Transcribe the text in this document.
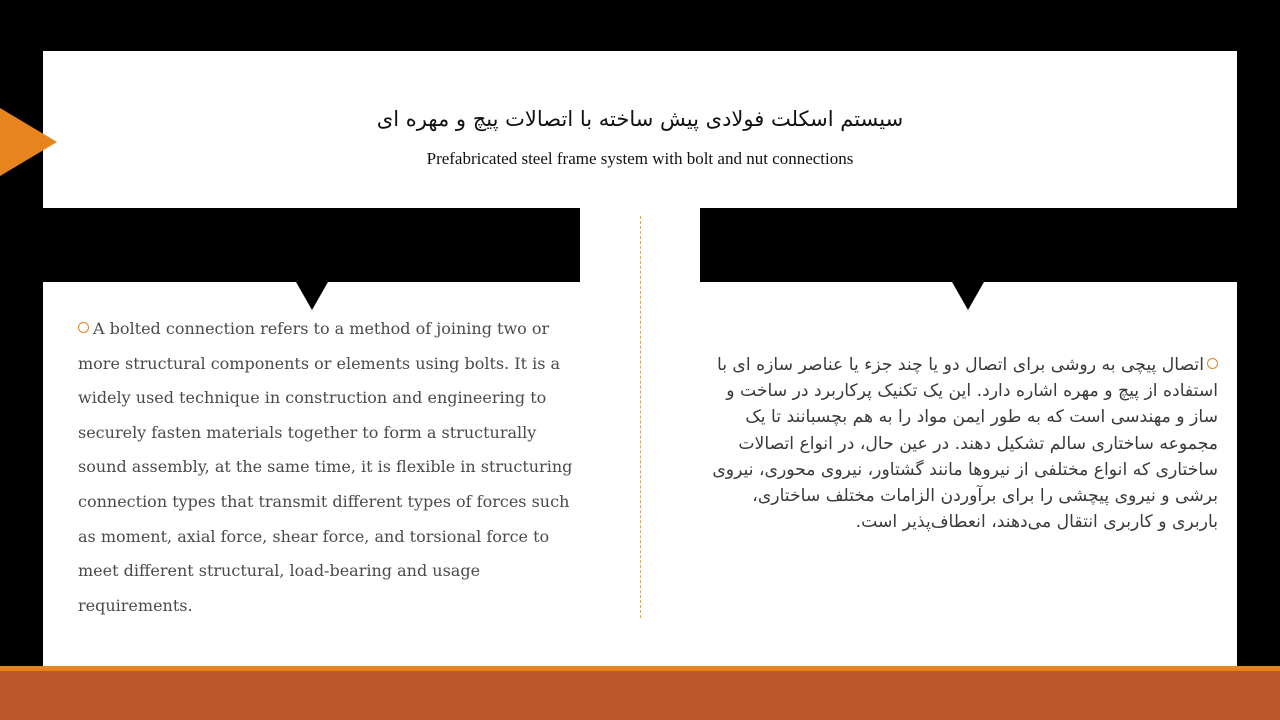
سیستم اسکلت فولادی پیش ساخته با اتصالات پیچ و مهره ای
Prefabricated steel frame system with bolt and nut connections
A bolted connection refers to a method of joining two or more structural components or elements using bolts. It is a widely used technique in construction and engineering to securely fasten materials together to form a structurally sound assembly, at the same time, it is flexible in structuring connection types that transmit different types of forces such as moment, axial force, shear force, and torsional force to meet different structural, load-bearing and usage requirements.
اتصال پیچی به روشی برای اتصال دو یا چند جزء یا عناصر سازه ای با استفاده از پیچ و مهره اشاره دارد. این یک تکنیک پرکاربرد در ساخت و ساز و مهندسی است که به طور ایمن مواد را به هم بچسبانند تا یک مجموعه ساختاری سالم تشکیل دهند. در عین حال، در انواع اتصالات ساختاری که انواع مختلفی از نیروها مانند گشتاور، نیروی محوری، نیروی برشی و نیروی پیچشی را برای برآوردن الزامات مختلف ساختاری، باربری و کاربری انتقال می‌دهند، انعطاف‌پذیر است.
